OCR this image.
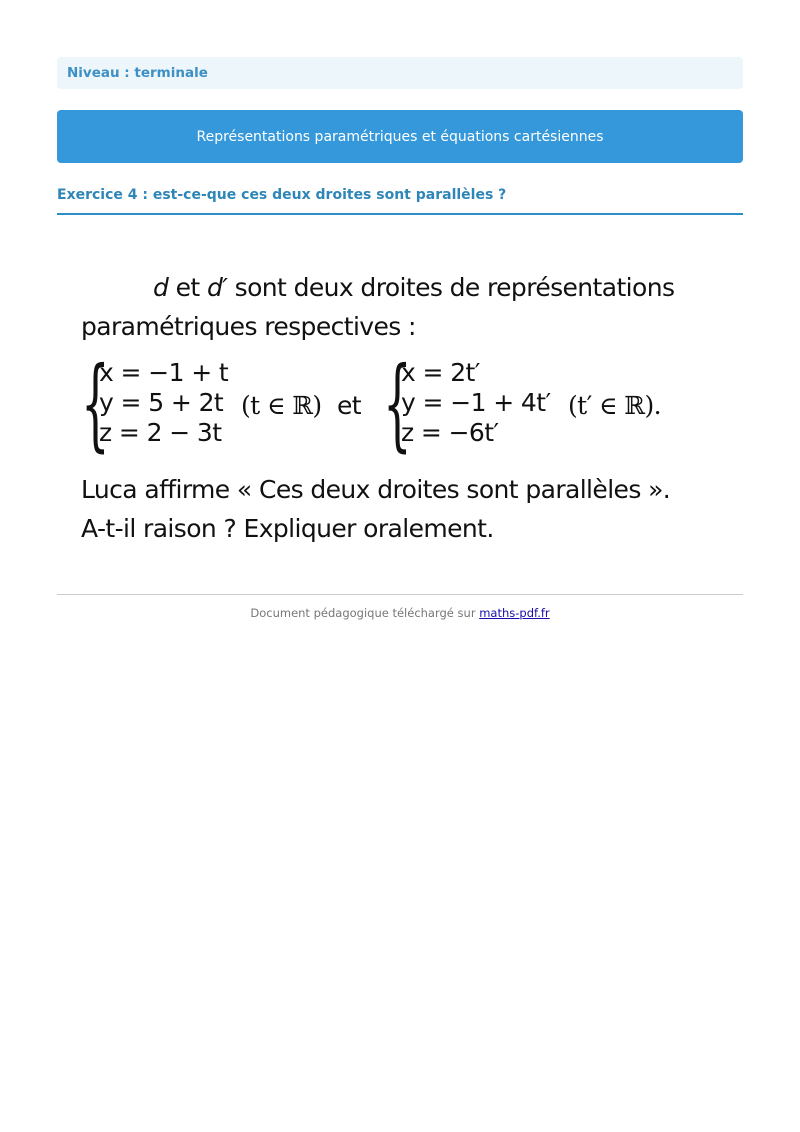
Niveau : terminale
Représentations paramétriques et équations cartésiennes
Exercice 4 : est-ce-que ces deux droites sont parallèles ?
d et d′ sont deux droites de représentations
paramétriques respectives :
{
x = −1 + t
y = 5 + 2t
z = 2 − 3t
(t ∈ ℝ) et {
x = 2t′
y = −1 + 4t′
z = −6t′
(t′ ∈ ℝ).
Luca affirme « Ces deux droites sont parallèles ».
A-t-il raison ? Expliquer oralement.
Document pédagogique téléchargé sur maths-pdf.fr
